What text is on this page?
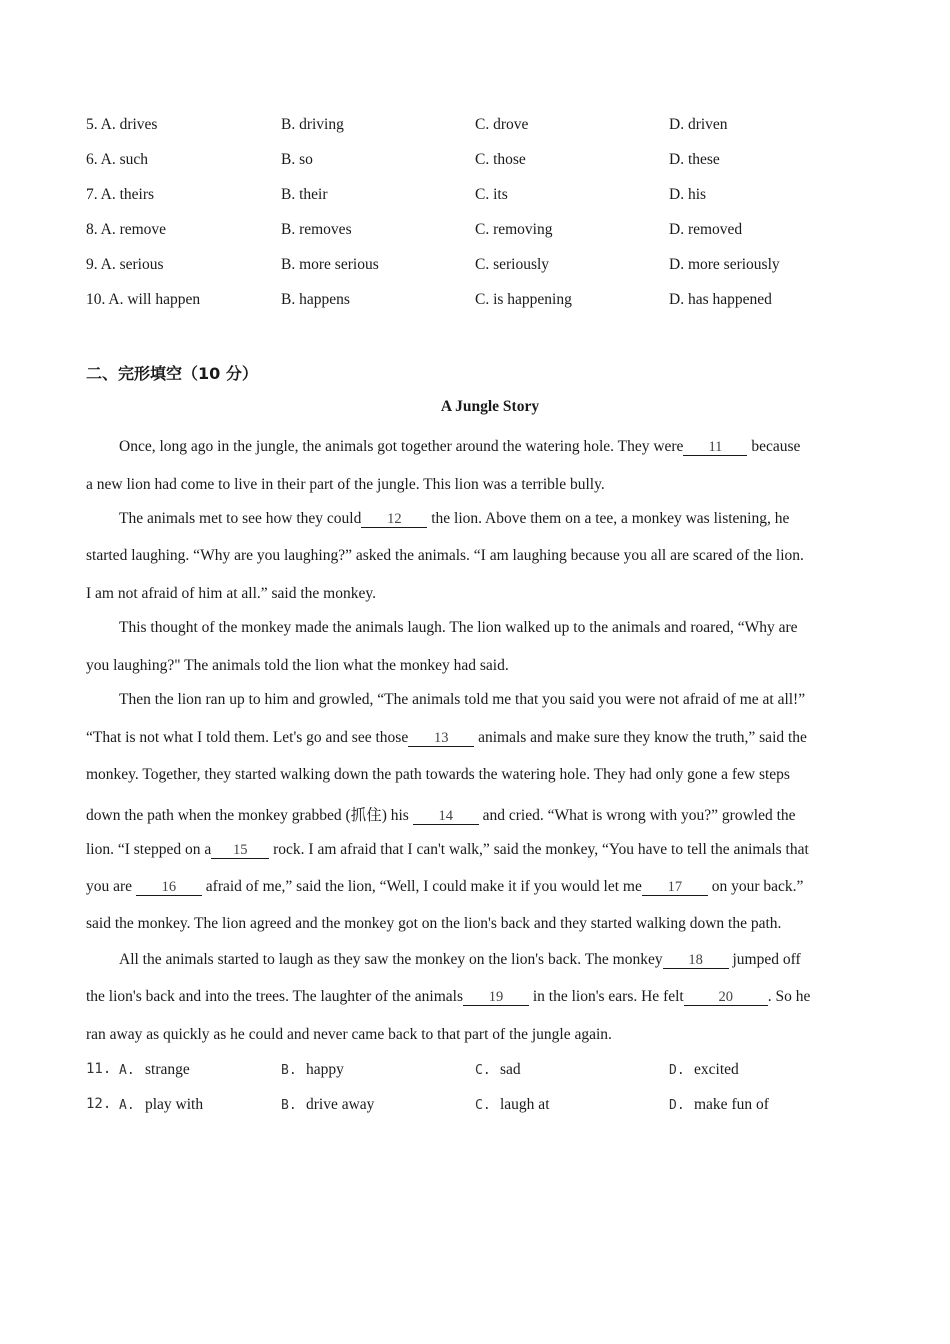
5. A. drives	B. driving	C. drove	D. driven
6. A. such	B. so	C. those	D. these
7. A. theirs	B. their	C. its	D. his
8. A. remove	B. removes	C. removing	D. removed
9. A. serious	B. more serious	C. seriously	D. more seriously
10. A. will happen	B. happens	C. is happening	D. has happened
二、完形填空（10 分）
A Jungle Story
Once, long ago in the jungle, the animals got together around the watering hole. They were 11 because
a new lion had come to live in their part of the jungle. This lion was a terrible bully.
The animals met to see how they could 12 the lion. Above them on a tee, a monkey was listening, he
started laughing. “Why are you laughing?” asked the animals. “I am laughing because you all are scared of the lion.
I am not afraid of him at all.” said the monkey.
This thought of the monkey made the animals laugh. The lion walked up to the animals and roared, “Why are
you laughing?" The animals told the lion what the monkey had said.
Then the lion ran up to him and growled, “The animals told me that you said you were not afraid of me at all!”
“That is not what I told them. Let's go and see those 13 animals and make sure they know the truth,” said the
monkey. Together, they started walking down the path towards the watering hole. They had only gone a few steps
down the path when the monkey grabbed (抓住) his 14 and cried. “What is wrong with you?” growled the
lion. “I stepped on a 15 rock. I am afraid that I can't walk,” said the monkey, “You have to tell the animals that
you are 16 afraid of me,” said the lion, “Well, I could make it if you would let me 17 on your back.”
said the monkey. The lion agreed and the monkey got on the lion's back and they started walking down the path.
All the animals started to laugh as they saw the monkey on the lion's back. The monkey 18 jumped off
the lion's back and into the trees. The laughter of the animals 19 in the lion's ears. He felt 20 . So he
ran away as quickly as he could and never came back to that part of the jungle again.
11. A. strange	B. happy	C. sad	D. excited
12. A. play with	B. drive away	C. laugh at	D. make fun of
